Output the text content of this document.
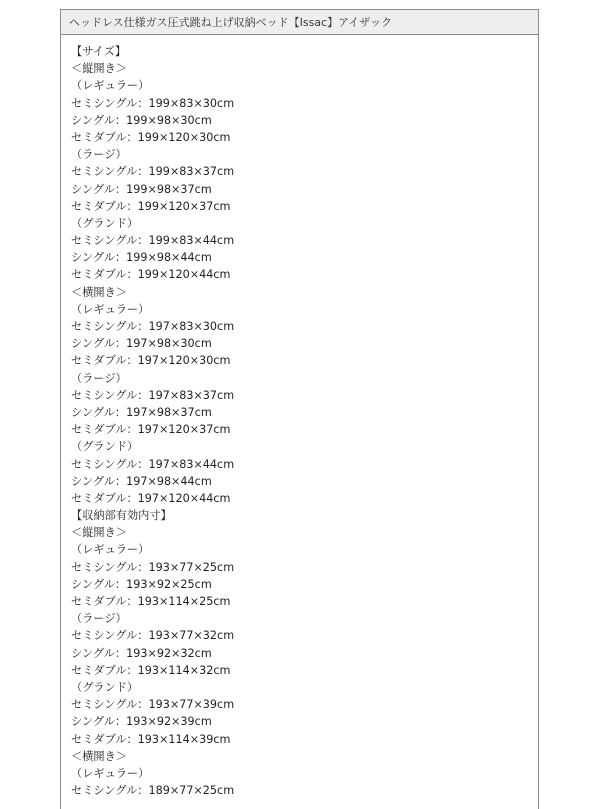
ヘッドレス仕様ガス圧式跳ね上げ収納ベッド【Issac】アイザック
【サイズ】
＜縦開き＞
（レギュラー）
セミシングル：199×83×30cm
シングル：199×98×30cm
セミダブル：199×120×30cm
（ラージ）
セミシングル：199×83×37cm
シングル：199×98×37cm
セミダブル：199×120×37cm
（グランド）
セミシングル：199×83×44cm
シングル：199×98×44cm
セミダブル：199×120×44cm
＜横開き＞
（レギュラー）
セミシングル：197×83×30cm
シングル：197×98×30cm
セミダブル：197×120×30cm
（ラージ）
セミシングル：197×83×37cm
シングル：197×98×37cm
セミダブル：197×120×37cm
（グランド）
セミシングル：197×83×44cm
シングル：197×98×44cm
セミダブル：197×120×44cm
【収納部有効内寸】
＜縦開き＞
（レギュラー）
セミシングル：193×77×25cm
シングル：193×92×25cm
セミダブル：193×114×25cm
（ラージ）
セミシングル：193×77×32cm
シングル：193×92×32cm
セミダブル：193×114×32cm
（グランド）
セミシングル：193×77×39cm
シングル：193×92×39cm
セミダブル：193×114×39cm
＜横開き＞
（レギュラー）
セミシングル：189×77×25cm
